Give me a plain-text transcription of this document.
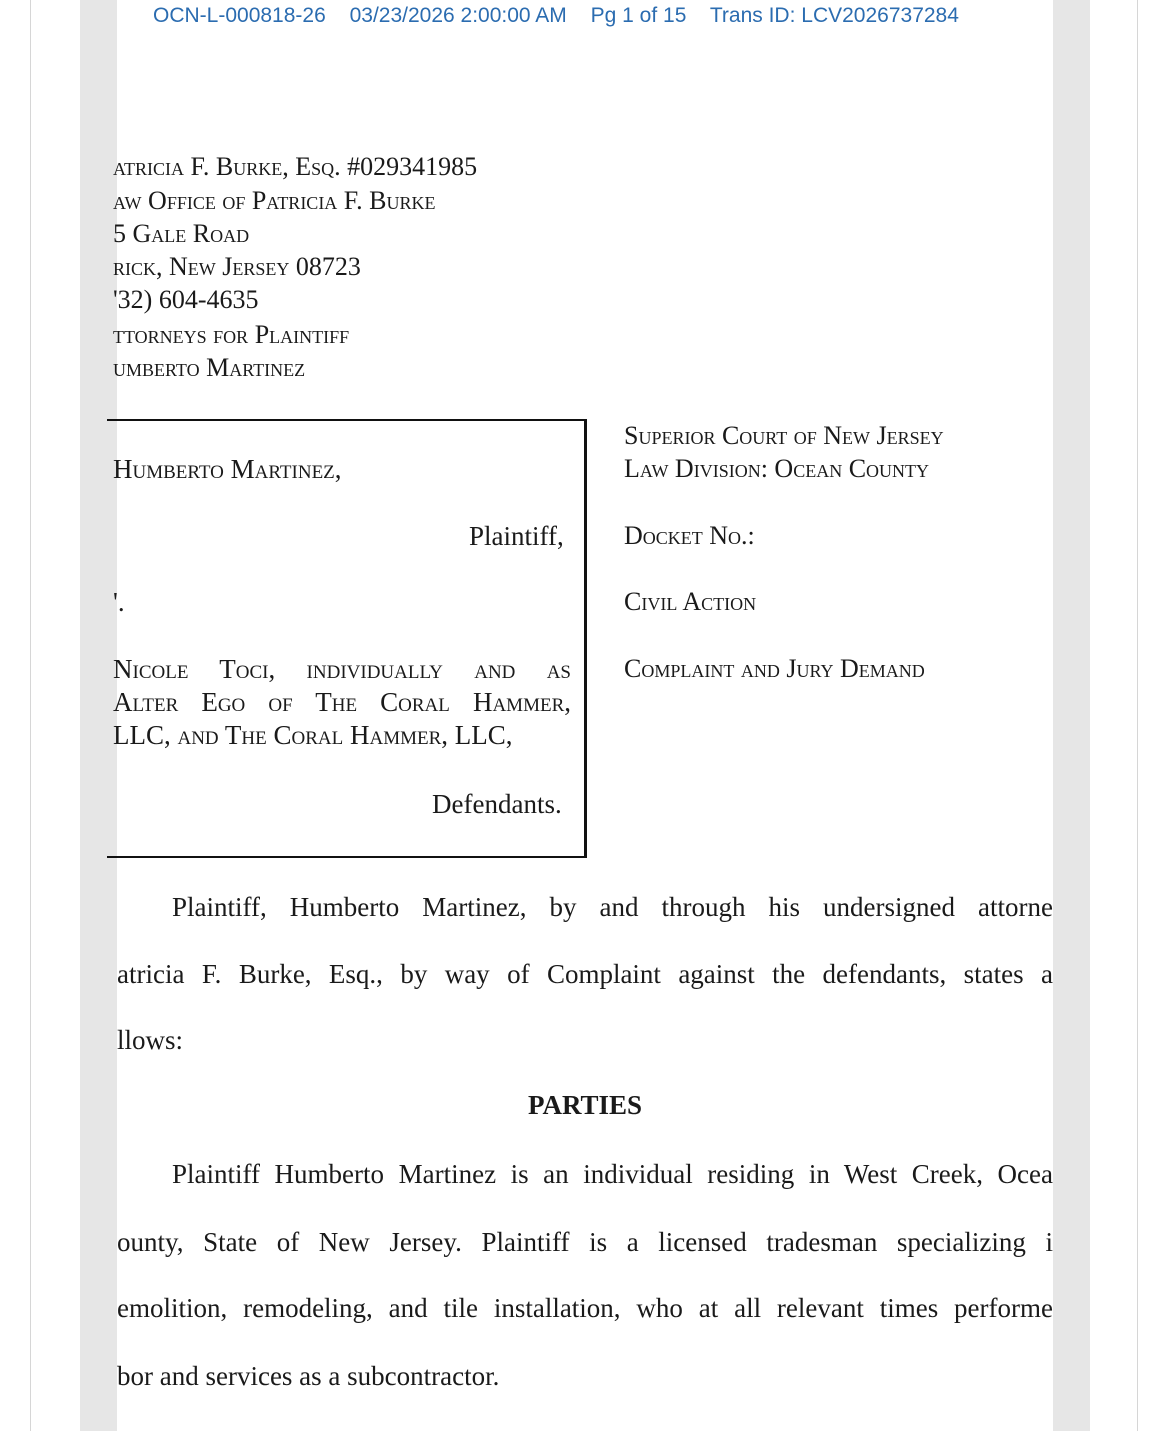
OCN-L-000818-26 03/23/2026 2:00:00 AM Pg 1 of 15 Trans ID: LCV2026737284
atricia F. Burke, Esq. #029341985
aw Office of Patricia F. Burke
5 Gale Road
rick, New Jersey 08723
'32) 604-4635
ttorneys for Plaintiff
umberto Martinez
Humberto Martinez,
Plaintiff,
'.
Nicole Toci, individually and as
Alter Ego of The Coral Hammer,
LLC, and The Coral Hammer, LLC,
Defendants.
Superior Court of New Jersey
Law Division: Ocean County
Docket No.:
Civil Action
Complaint and Jury Demand
Plaintiff, Humberto Martinez, by and through his undersigned attorne
atricia F. Burke, Esq., by way of Complaint against the defendants, states a
llows:
PARTIES
Plaintiff Humberto Martinez is an individual residing in West Creek, Ocea
ounty, State of New Jersey. Plaintiff is a licensed tradesman specializing i
emolition, remodeling, and tile installation, who at all relevant times performe
bor and services as a subcontractor.
